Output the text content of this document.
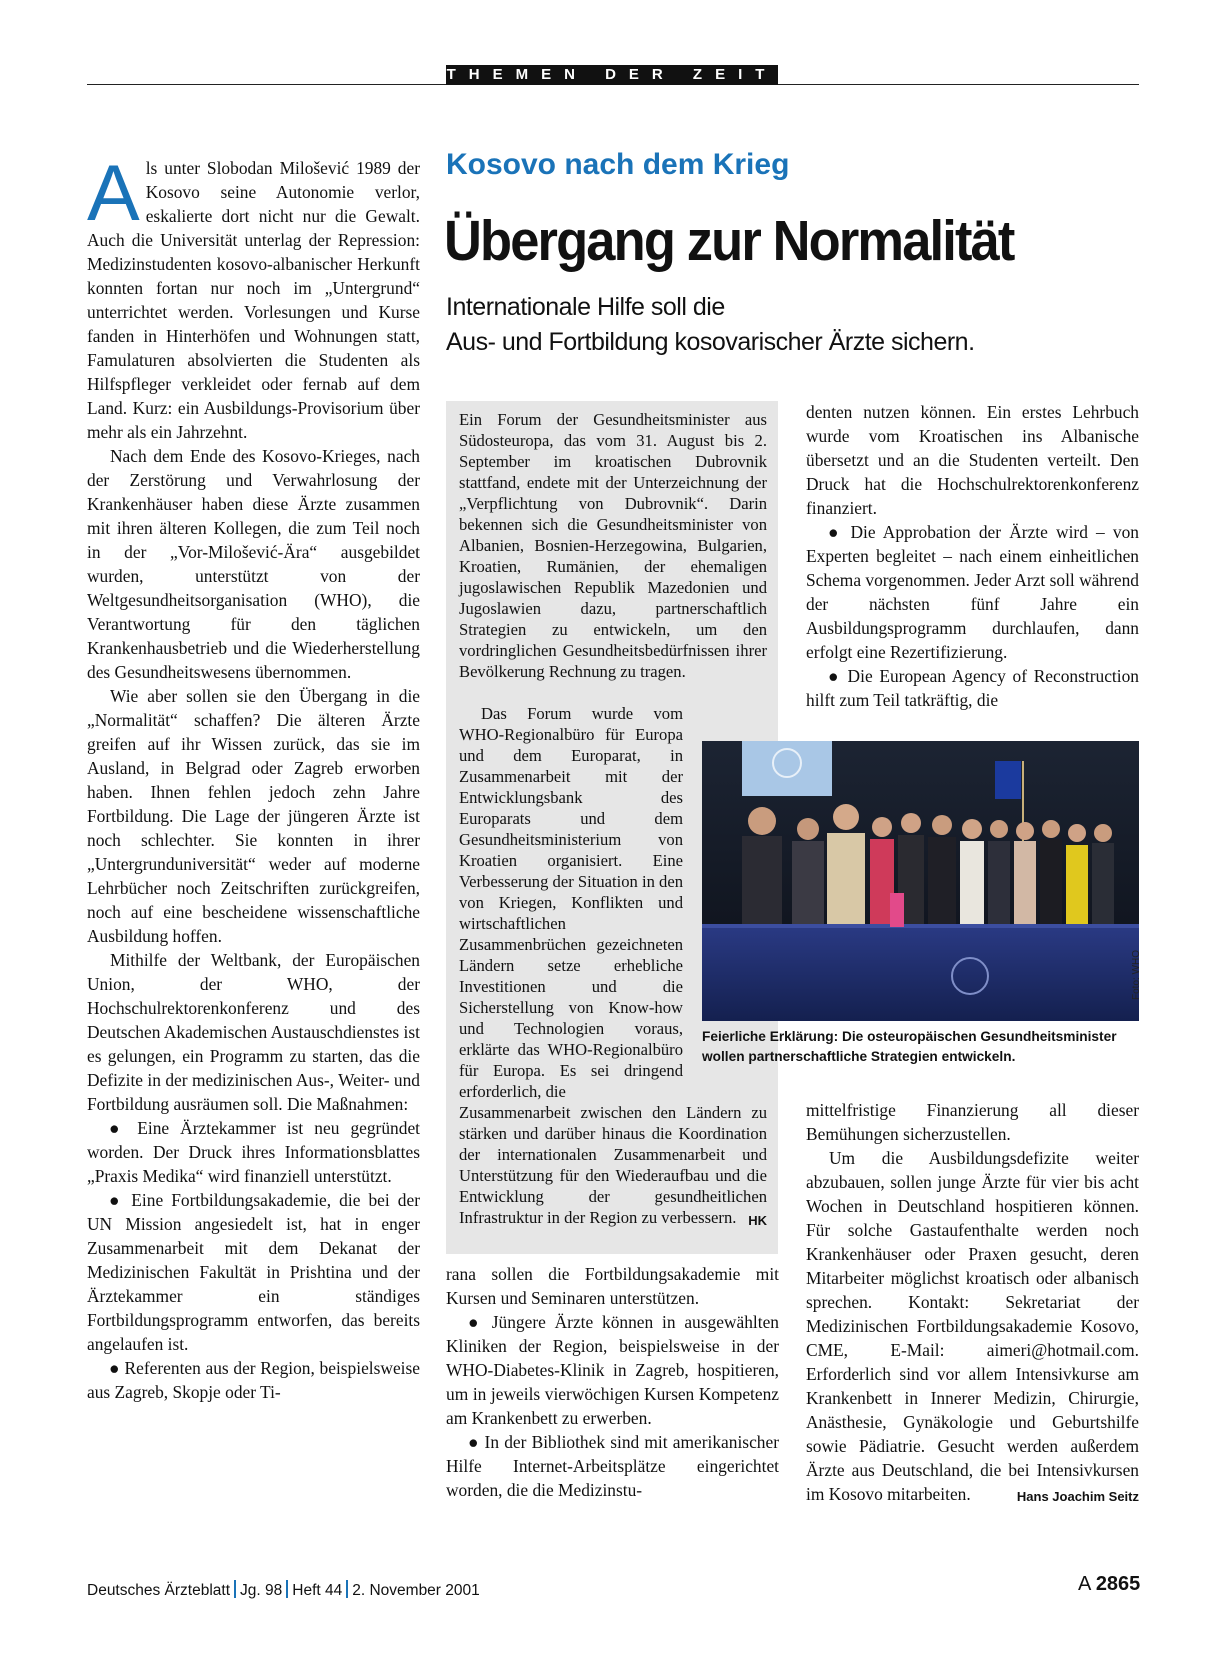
THEMEN DER ZEIT
Kosovo nach dem Krieg
Übergang zur Normalität
Internationale Hilfe soll die
Aus- und Fortbildung kosovarischer Ärzte sichern.

Als unter Slobodan Milošević 1989 der Kosovo seine Autonomie verlor, eskalierte dort nicht nur die Gewalt. Auch die Universität unterlag der Repression: Medizinstudenten kosovo-albanischer Herkunft konnten fortan nur noch im „Untergrund“ unterrichtet werden. Vorlesungen und Kurse fanden in Hinterhöfen und Wohnungen statt, Famulaturen absolvierten die Studenten als Hilfspfleger verkleidet oder fernab auf dem Land. Kurz: ein Ausbildungs-Provisorium über mehr als ein Jahrzehnt.

Nach dem Ende des Kosovo-Krieges, nach der Zerstörung und Verwahrlosung der Krankenhäuser haben diese Ärzte zusammen mit ihren älteren Kollegen, die zum Teil noch in der „Vor-Milošević-Ära“ ausgebildet wurden, unterstützt von der Weltgesundheitsorganisation (WHO), die Verantwortung für den täglichen Krankenhausbetrieb und die Wiederherstellung des Gesundheitswesens übernommen.

Wie aber sollen sie den Übergang in die „Normalität“ schaffen? Die älteren Ärzte greifen auf ihr Wissen zurück, das sie im Ausland, in Belgrad oder Zagreb erworben haben. Ihnen fehlen jedoch zehn Jahre Fortbildung. Die Lage der jüngeren Ärzte ist noch schlechter. Sie konnten in ihrer „Untergrunduniversität“ weder auf moderne Lehrbücher noch Zeitschriften zurückgreifen, noch auf eine bescheidene wissenschaftliche Ausbildung hoffen.

Mithilfe der Weltbank, der Europäischen Union, der WHO, der Hochschulrektorenkonferenz und des Deutschen Akademischen Austauschdienstes ist es gelungen, ein Programm zu starten, das die Defizite in der medizinischen Aus-, Weiter- und Fortbildung ausräumen soll. Die Maßnahmen:

● Eine Ärztekammer ist neu gegründet worden. Der Druck ihres Informationsblattes „Praxis Medika“ wird finanziell unterstützt.

● Eine Fortbildungsakademie, die bei der UN Mission angesiedelt ist, hat in enger Zusammenarbeit mit dem Dekanat der Medizinischen Fakultät in Prishtina und der Ärztekammer ein ständiges Fortbildungsprogramm entworfen, das bereits angelaufen ist.

● Referenten aus der Region, beispielsweise aus Zagreb, Skopje oder Ti-

Ein Forum der Gesundheitsminister aus Südosteuropa, das vom 31. August bis 2. September im kroatischen Dubrovnik stattfand, endete mit der Unterzeichnung der „Verpflichtung von Dubrovnik“. Darin bekennen sich die Gesundheitsminister von Albanien, Bosnien-Herzegowina, Bulgarien, Kroatien, Rumänien, der ehemaligen jugoslawischen Republik Mazedonien und Jugoslawien dazu, partnerschaftlich Strategien zu entwickeln, um den vordringlichen Gesundheitsbedürfnissen ihrer Bevölkerung Rechnung zu tragen.

Das Forum wurde vom WHO-Regionalbüro für Europa und dem Europarat, in Zusammenarbeit mit der Entwicklungsbank des Europarats und dem Gesundheitsministerium von Kroatien organisiert. Eine Verbesserung der Situation in den von Kriegen, Konflikten und wirtschaftlichen Zusammenbrüchen gezeichneten Ländern setze erhebliche Investitionen und die Sicherstellung von Know-how und Technologien voraus, erklärte das WHO-Regionalbüro für Europa. Es sei dringend erforderlich, die

Zusammenarbeit zwischen den Ländern zu stärken und darüber hinaus die Koordination der internationalen Zusammenarbeit und Unterstützung für den Wiederaufbau und die Entwicklung der gesundheitlichen Infrastruktur in der Region zu verbessern. HK

Foto: WHO
Feierliche Erklärung: Die osteuropäischen Gesundheitsminister wollen partnerschaftliche Strategien entwickeln.

rana sollen die Fortbildungsakademie mit Kursen und Seminaren unterstützen.

● Jüngere Ärzte können in ausgewählten Kliniken der Region, beispielsweise in der WHO-Diabetes-Klinik in Zagreb, hospitieren, um in jeweils vierwöchigen Kursen Kompetenz am Krankenbett zu erwerben.

● In der Bibliothek sind mit amerikanischer Hilfe Internet-Arbeitsplätze eingerichtet worden, die die Medizinstu-

denten nutzen können. Ein erstes Lehrbuch wurde vom Kroatischen ins Albanische übersetzt und an die Studenten verteilt. Den Druck hat die Hochschulrektorenkonferenz finanziert.

● Die Approbation der Ärzte wird – von Experten begleitet – nach einem einheitlichen Schema vorgenommen. Jeder Arzt soll während der nächsten fünf Jahre ein Ausbildungsprogramm durchlaufen, dann erfolgt eine Rezertifizierung.

● Die European Agency of Reconstruction hilft zum Teil tatkräftig, die

mittelfristige Finanzierung all dieser Bemühungen sicherzustellen.

Um die Ausbildungsdefizite weiter abzubauen, sollen junge Ärzte für vier bis acht Wochen in Deutschland hospitieren können. Für solche Gastaufenthalte werden noch Krankenhäuser oder Praxen gesucht, deren Mitarbeiter möglichst kroatisch oder albanisch sprechen. Kontakt: Sekretariat der Medizinischen Fortbildungsakademie Kosovo, CME, E-Mail: aimeri@hotmail.com. Erforderlich sind vor allem Intensivkurse am Krankenbett in Innerer Medizin, Chirurgie, Anästhesie, Gynäkologie und Geburtshilfe sowie Pädiatrie. Gesucht werden außerdem Ärzte aus Deutschland, die bei Intensivkursen im Kosovo mitarbeiten.	Hans Joachim Seitz

Deutsches Ärzteblatt Jg. 98 Heft 44 2. November 2001	A 2865
